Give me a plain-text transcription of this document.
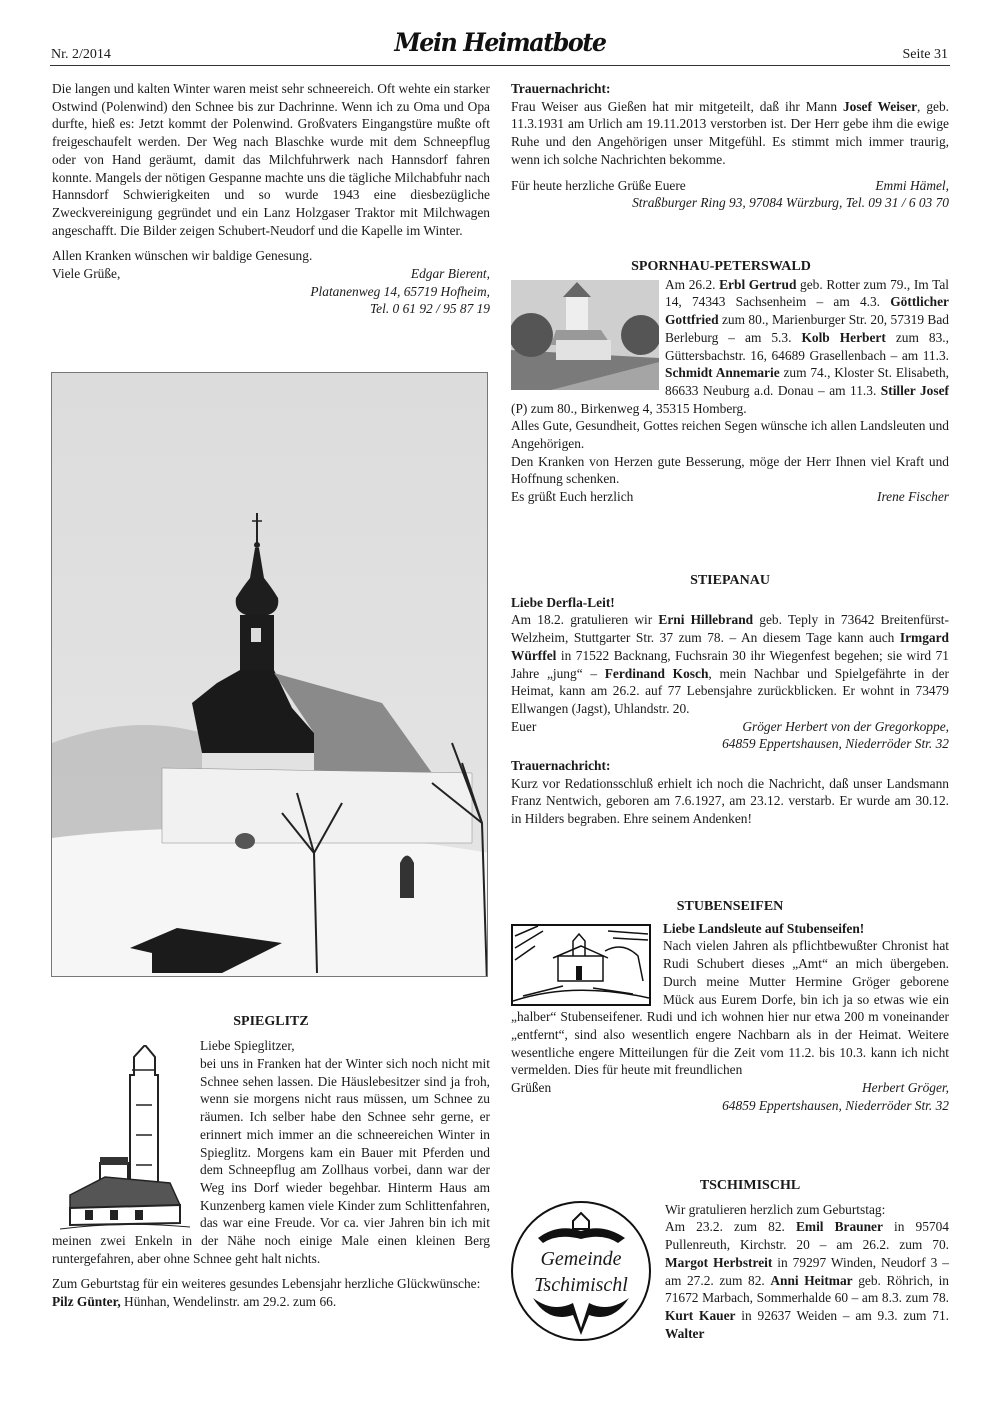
Nr. 2/2014	Mein Heimatbote	Seite 31

Die langen und kalten Winter waren meist sehr schneereich. Oft wehte ein starker Ostwind (Polenwind) den Schnee bis zur Dachrinne. Wenn ich zu Oma und Opa durfte, hieß es: Jetzt kommt der Polenwind. Großvaters Eingangstüre mußte oft freigeschaufelt werden. Der Weg nach Blaschke wurde mit dem Schneepflug oder von Hand geräumt, damit das Milchfuhrwerk nach Hannsdorf fahren konnte. Mangels der nötigen Gespanne machte uns die tägliche Milchabfuhr nach Hannsdorf Schwierigkeiten und so wurde 1943 eine diesbezügliche Zweckvereinigung gegründet und ein Lanz Holzgaser Traktor mit Milchwagen angeschafft. Die Bilder zeigen Schubert-Neudorf und die Kapelle im Winter.

Allen Kranken wünschen wir baldige Genesung.
Viele Grüße,	Edgar Bierent,
Platanenweg 14, 65719 Hofheim,
Tel. 0 61 92 / 95 87 19
SPIEGLITZ
Liebe Spieglitzer,

bei uns in Franken hat der Winter sich noch nicht mit Schnee sehen lassen. Die Häuslebesitzer sind ja froh, wenn sie morgens nicht raus müssen, um Schnee zu räumen. Ich selber habe den Schnee sehr gerne, er erinnert mich immer an die schneereichen Winter in Spieglitz. Morgens kam ein Bauer mit Pferden und dem Schneepflug am Zollhaus vorbei, dann war der Weg ins Dorf wieder begehbar. Hinterm Haus am Kunzenberg kamen viele Kinder zum Schlittenfahren, das war eine Freude. Vor ca. vier Jahren bin ich mit meinen zwei Enkeln in der Nähe noch einige Male einen kleinen Berg runtergefahren, aber ohne Schnee geht halt nichts.

Zum Geburtstag für ein weiteres gesundes Lebensjahr herzliche Glückwünsche:

Pilz Günter, Hünhan, Wendelinstr. am 29.2. zum 66.
Trauernachricht:

Frau Weiser aus Gießen hat mir mitgeteilt, daß ihr Mann Josef Weiser, geb. 11.3.1931 am Urlich am 19.11.2013 verstorben ist. Der Herr gebe ihm die ewige Ruhe und den Angehörigen unser Mitgefühl. Es stimmt mich immer traurig, wenn ich solche Nachrichten bekomme.

Für heute herzliche Grüße Euere	Emmi Hämel,
Straßburger Ring 93, 97084 Würzburg, Tel. 09 31 / 6 03 70
SPORNHAU-PETERSWALD

Am 26.2. Erbl Gertrud geb. Rotter zum 79., Im Tal 14, 74343 Sachsenheim – am 4.3. Göttlicher Gottfried zum 80., Marienburger Str. 20, 57319 Bad Berleburg – am 5.3. Kolb Herbert zum 83., Güttersbachstr. 16, 64689 Grasellenbach – am 11.3. Schmidt Annemarie zum 74., Kloster St. Elisabeth, 86633 Neuburg a.d. Donau – am 11.3. Stiller Josef (P) zum 80., Birkenweg 4, 35315 Homberg.

Alles Gute, Gesundheit, Gottes reichen Segen wünsche ich allen Landsleuten und Angehörigen.

Den Kranken von Herzen gute Besserung, möge der Herr Ihnen viel Kraft und Hoffnung schenken.

Es grüßt Euch herzlich	Irene Fischer
STIEPANAU
Liebe Derfla-Leit!

Am 18.2. gratulieren wir Erni Hillebrand geb. Teply in 73642 Breitenfürst-Welzheim, Stuttgarter Str. 37 zum 78. – An diesem Tage kann auch Irmgard Würffel in 71522 Backnang, Fuchsrain 30 ihr Wiegenfest begehen; sie wird 71 Jahre „jung“ – Ferdinand Kosch, mein Nachbar und Spielgefährte in der Heimat, kann am 26.2. auf 77 Lebensjahre zurückblicken. Er wohnt in 73479 Ellwangen (Jagst), Uhlandstr. 20.

Euer	Gröger Herbert von der Gregorkoppe,
64859 Eppertshausen, Niederröder Str. 32
Trauernachricht:

Kurz vor Redationsschluß erhielt ich noch die Nachricht, daß unser Landsmann Franz Nentwich, geboren am 7.6.1927, am 23.12. verstarb. Er wurde am 30.12. in Hilders begraben. Ehre seinem Andenken!

STUBENSEIFEN
Liebe Landsleute auf Stubenseifen!

Nach vielen Jahren als pflichtbewußter Chronist hat Rudi Schubert dieses „Amt“ an mich übergeben. Durch meine Mutter Hermine Gröger geborene Mück aus Eurem Dorfe, bin ich ja so etwas wie ein „halber“ Stubenseifener. Rudi und ich wohnen hier nur etwa 200 m voneinander „entfernt“, sind also wesentlich engere Nachbarn als in der Heimat. Weitere wesentliche engere Mitteilungen für die Zeit vom 11.2. bis 10.3. kann ich nicht vermelden. Dies für heute mit freundlichen

Grüßen	Herbert Gröger,
64859 Eppertshausen, Niederröder Str. 32
TSCHIMISCHL
Gemeinde
Tschimischl
Wir gratulieren herzlich zum Geburtstag:

Am 23.2. zum 82. Emil Brauner in 95704 Pullenreuth, Kirchstr. 20 – am 26.2. zum 70. Margot Herbstreit in 79297 Winden, Neudorf 3 – am 27.2. zum 82. Anni Heitmar geb. Röhrich, in 71672 Marbach, Sommerhalde 60 – am 8.3. zum 78. Kurt Kauer in 92637 Weiden – am 9.3. zum 71. Walter
